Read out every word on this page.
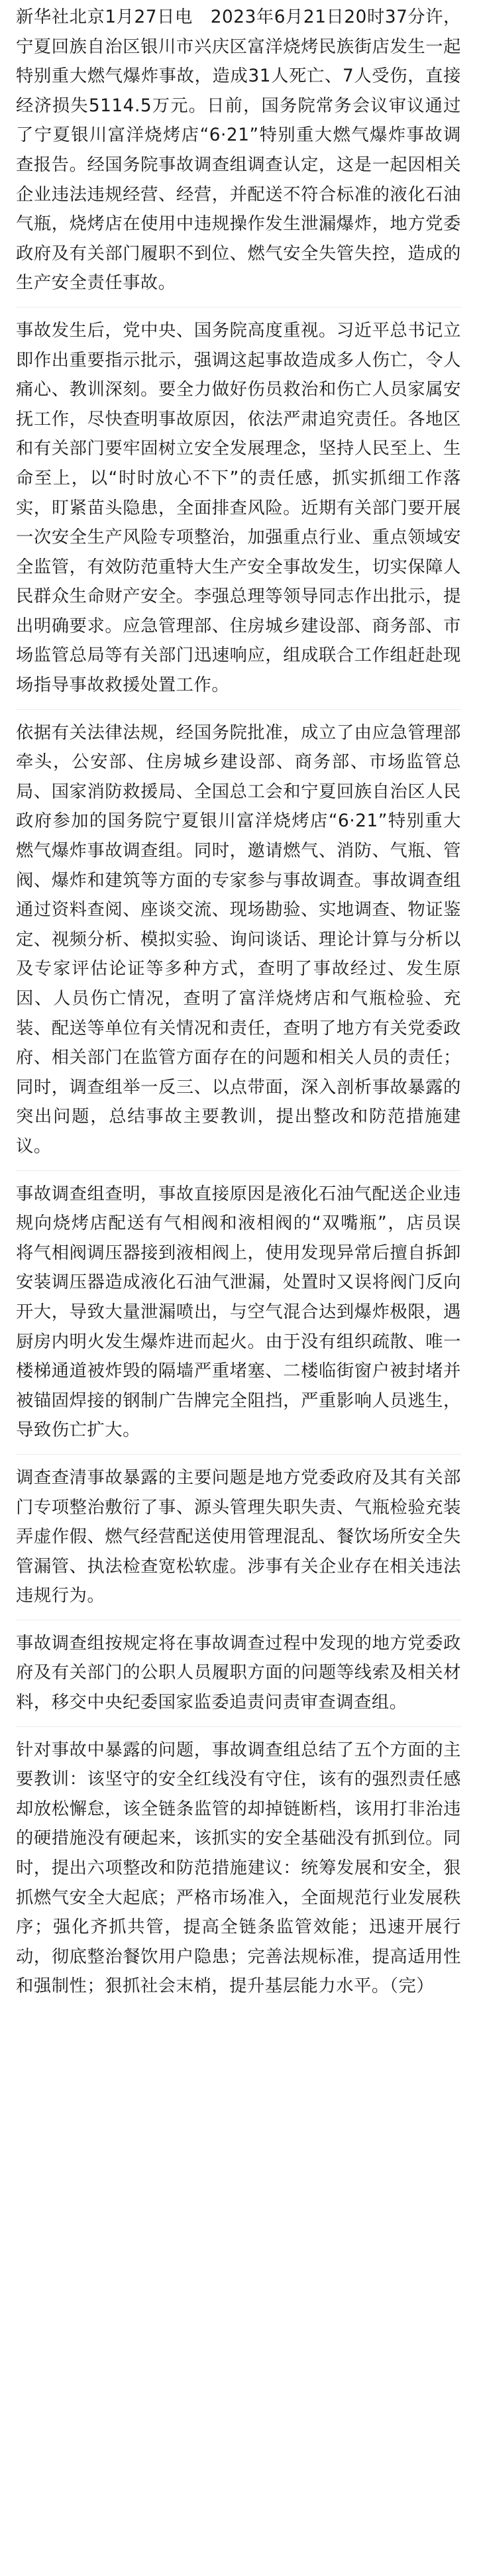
新华社北京1月27日电　2023年6月21日20时37分许，宁夏回族自治区银川市兴庆区富洋烧烤民族街店发生一起特别重大燃气爆炸事故，造成31人死亡、7人受伤，直接经济损失5114.5万元。日前，国务院常务会议审议通过了宁夏银川富洋烧烤店“6·21”特别重大燃气爆炸事故调查报告。经国务院事故调查组调查认定，这是一起因相关企业违法违规经营、经营，并配送不符合标准的液化石油气瓶，烧烤店在使用中违规操作发生泄漏爆炸，地方党委政府及有关部门履职不到位、燃气安全失管失控，造成的生产安全责任事故。

事故发生后，党中央、国务院高度重视。习近平总书记立即作出重要指示批示，强调这起事故造成多人伤亡，令人痛心、教训深刻。要全力做好伤员救治和伤亡人员家属安抚工作，尽快查明事故原因，依法严肃追究责任。各地区和有关部门要牢固树立安全发展理念，坚持人民至上、生命至上，以“时时放心不下”的责任感，抓实抓细工作落实，盯紧苗头隐患，全面排查风险。近期有关部门要开展一次安全生产风险专项整治，加强重点行业、重点领域安全监管，有效防范重特大生产安全事故发生，切实保障人民群众生命财产安全。李强总理等领导同志作出批示，提出明确要求。应急管理部、住房城乡建设部、商务部、市场监管总局等有关部门迅速响应，组成联合工作组赶赴现场指导事故救援处置工作。

依据有关法律法规，经国务院批准，成立了由应急管理部牵头，公安部、住房城乡建设部、商务部、市场监管总局、国家消防救援局、全国总工会和宁夏回族自治区人民政府参加的国务院宁夏银川富洋烧烤店“6·21”特别重大燃气爆炸事故调查组。同时，邀请燃气、消防、气瓶、管阀、爆炸和建筑等方面的专家参与事故调查。事故调查组通过资料查阅、座谈交流、现场勘验、实地调查、物证鉴定、视频分析、模拟实验、询问谈话、理论计算与分析以及专家评估论证等多种方式，查明了事故经过、发生原因、人员伤亡情况，查明了富洋烧烤店和气瓶检验、充装、配送等单位有关情况和责任，查明了地方有关党委政府、相关部门在监管方面存在的问题和相关人员的责任；同时，调查组举一反三、以点带面，深入剖析事故暴露的突出问题，总结事故主要教训，提出整改和防范措施建议。

事故调查组查明，事故直接原因是液化石油气配送企业违规向烧烤店配送有气相阀和液相阀的“双嘴瓶”，店员误将气相阀调压器接到液相阀上，使用发现异常后擅自拆卸安装调压器造成液化石油气泄漏，处置时又误将阀门反向开大，导致大量泄漏喷出，与空气混合达到爆炸极限，遇厨房内明火发生爆炸进而起火。由于没有组织疏散、唯一楼梯通道被炸毁的隔墙严重堵塞、二楼临街窗户被封堵并被锚固焊接的钢制广告牌完全阻挡，严重影响人员逃生，导致伤亡扩大。

调查查清事故暴露的主要问题是地方党委政府及其有关部门专项整治敷衍了事、源头管理失职失责、气瓶检验充装弄虚作假、燃气经营配送使用管理混乱、餐饮场所安全失管漏管、执法检查宽松软虚。涉事有关企业存在相关违法违规行为。

事故调查组按规定将在事故调查过程中发现的地方党委政府及有关部门的公职人员履职方面的问题等线索及相关材料，移交中央纪委国家监委追责问责审查调查组。

针对事故中暴露的问题，事故调查组总结了五个方面的主要教训：该坚守的安全红线没有守住，该有的强烈责任感却放松懈怠，该全链条监管的却掉链断档，该用打非治违的硬措施没有硬起来，该抓实的安全基础没有抓到位。同时，提出六项整改和防范措施建议：统筹发展和安全，狠抓燃气安全大起底；严格市场准入，全面规范行业发展秩序；强化齐抓共管，提高全链条监管效能；迅速开展行动，彻底整治餐饮用户隐患；完善法规标准，提高适用性和强制性；狠抓社会末梢，提升基层能力水平。（完）
